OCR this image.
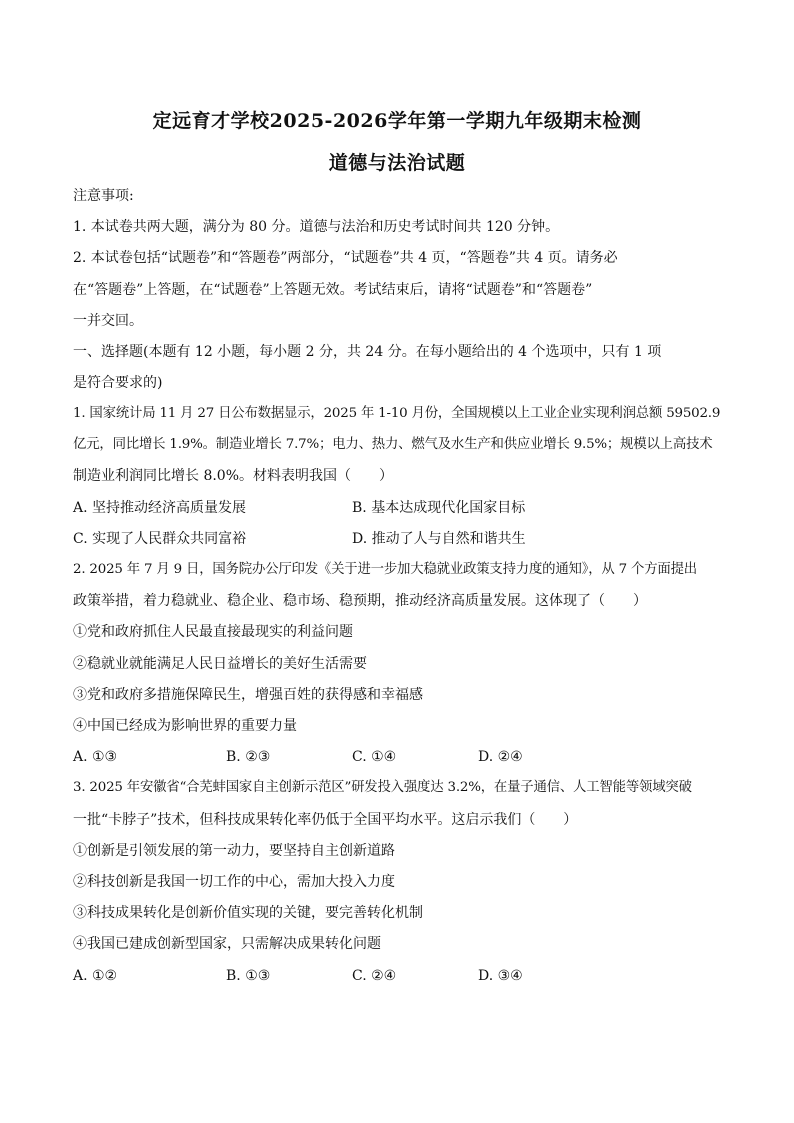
定远育才学校2025-2026学年第一学期九年级期末检测
道德与法治试题
注意事项:
1. 本试卷共两大题，满分为 80 分。道德与法治和历史考试时间共 120 分钟。
2. 本试卷包括“试题卷”和“答题卷”两部分，“试题卷”共 4 页，“答题卷”共 4 页。请务必
在“答题卷”上答题，在“试题卷”上答题无效。考试结束后，请将“试题卷”和“答题卷”
一并交回。
一、选择题(本题有 12 小题，每小题 2 分，共 24 分。在每小题给出的 4 个选项中，只有 1 项
是符合要求的)
1. 国家统计局 11 月 27 日公布数据显示，2025 年 1-10 月份，全国规模以上工业企业实现利润总额 59502.9
亿元，同比增长 1.9%。制造业增长 7.7%；电力、热力、燃气及水生产和供应业增长 9.5%；规模以上高技术
制造业利润同比增长 8.0%。材料表明我国（　　）
A. 坚持推动经济高质量发展	B. 基本达成现代化国家目标
C. 实现了人民群众共同富裕	D. 推动了人与自然和谐共生
2. 2025 年 7 月 9 日，国务院办公厅印发《关于进一步加大稳就业政策支持力度的通知》，从 7 个方面提出
政策举措，着力稳就业、稳企业、稳市场、稳预期，推动经济高质量发展。这体现了（　　）
①党和政府抓住人民最直接最现实的利益问题
②稳就业就能满足人民日益增长的美好生活需要
③党和政府多措施保障民生，增强百姓的获得感和幸福感
④中国已经成为影响世界的重要力量
A. ①③	B. ②③	C. ①④	D. ②④
3. 2025 年安徽省“合芜蚌国家自主创新示范区”研发投入强度达 3.2%，在量子通信、人工智能等领域突破
一批“卡脖子”技术，但科技成果转化率仍低于全国平均水平。这启示我们（　　）
①创新是引领发展的第一动力，要坚持自主创新道路
②科技创新是我国一切工作的中心，需加大投入力度
③科技成果转化是创新价值实现的关键，要完善转化机制
④我国已建成创新型国家，只需解决成果转化问题
A. ①②	B. ①③	C. ②④	D. ③④
